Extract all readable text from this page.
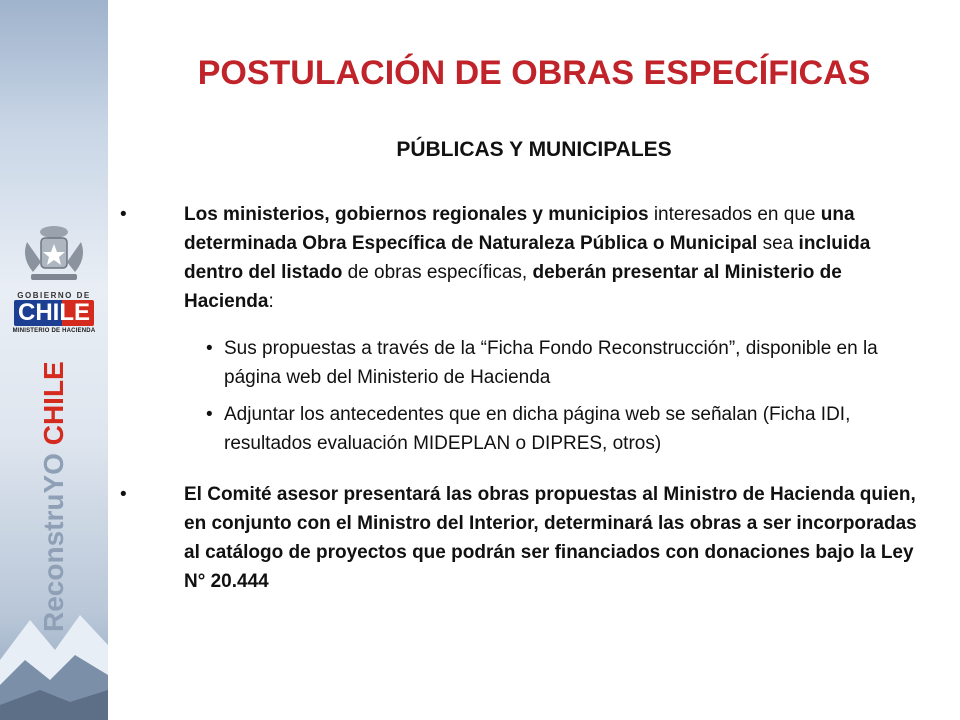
GOBIERNO DE
CHILE
MINISTERIO DE HACIENDA
ReconstruYO CHILE
POSTULACIÓN DE OBRAS ESPECÍFICAS
PÚBLICAS Y MUNICIPALES
•	Los ministerios, gobiernos regionales y municipios interesados en que una determinada Obra Específica de Naturaleza Pública o Municipal sea incluida dentro del listado de obras específicas, deberán presentar al Ministerio de Hacienda:
• Sus propuestas a través de la “Ficha Fondo Reconstrucción”, disponible en la página web del Ministerio de Hacienda
• Adjuntar los antecedentes que en dicha página web se señalan (Ficha IDI, resultados evaluación MIDEPLAN o DIPRES, otros)
•	El Comité asesor presentará las obras propuestas al Ministro de Hacienda quien, en conjunto con el Ministro del Interior, determinará las obras a ser incorporadas al catálogo de proyectos que podrán ser financiados con donaciones bajo la Ley N° 20.444
